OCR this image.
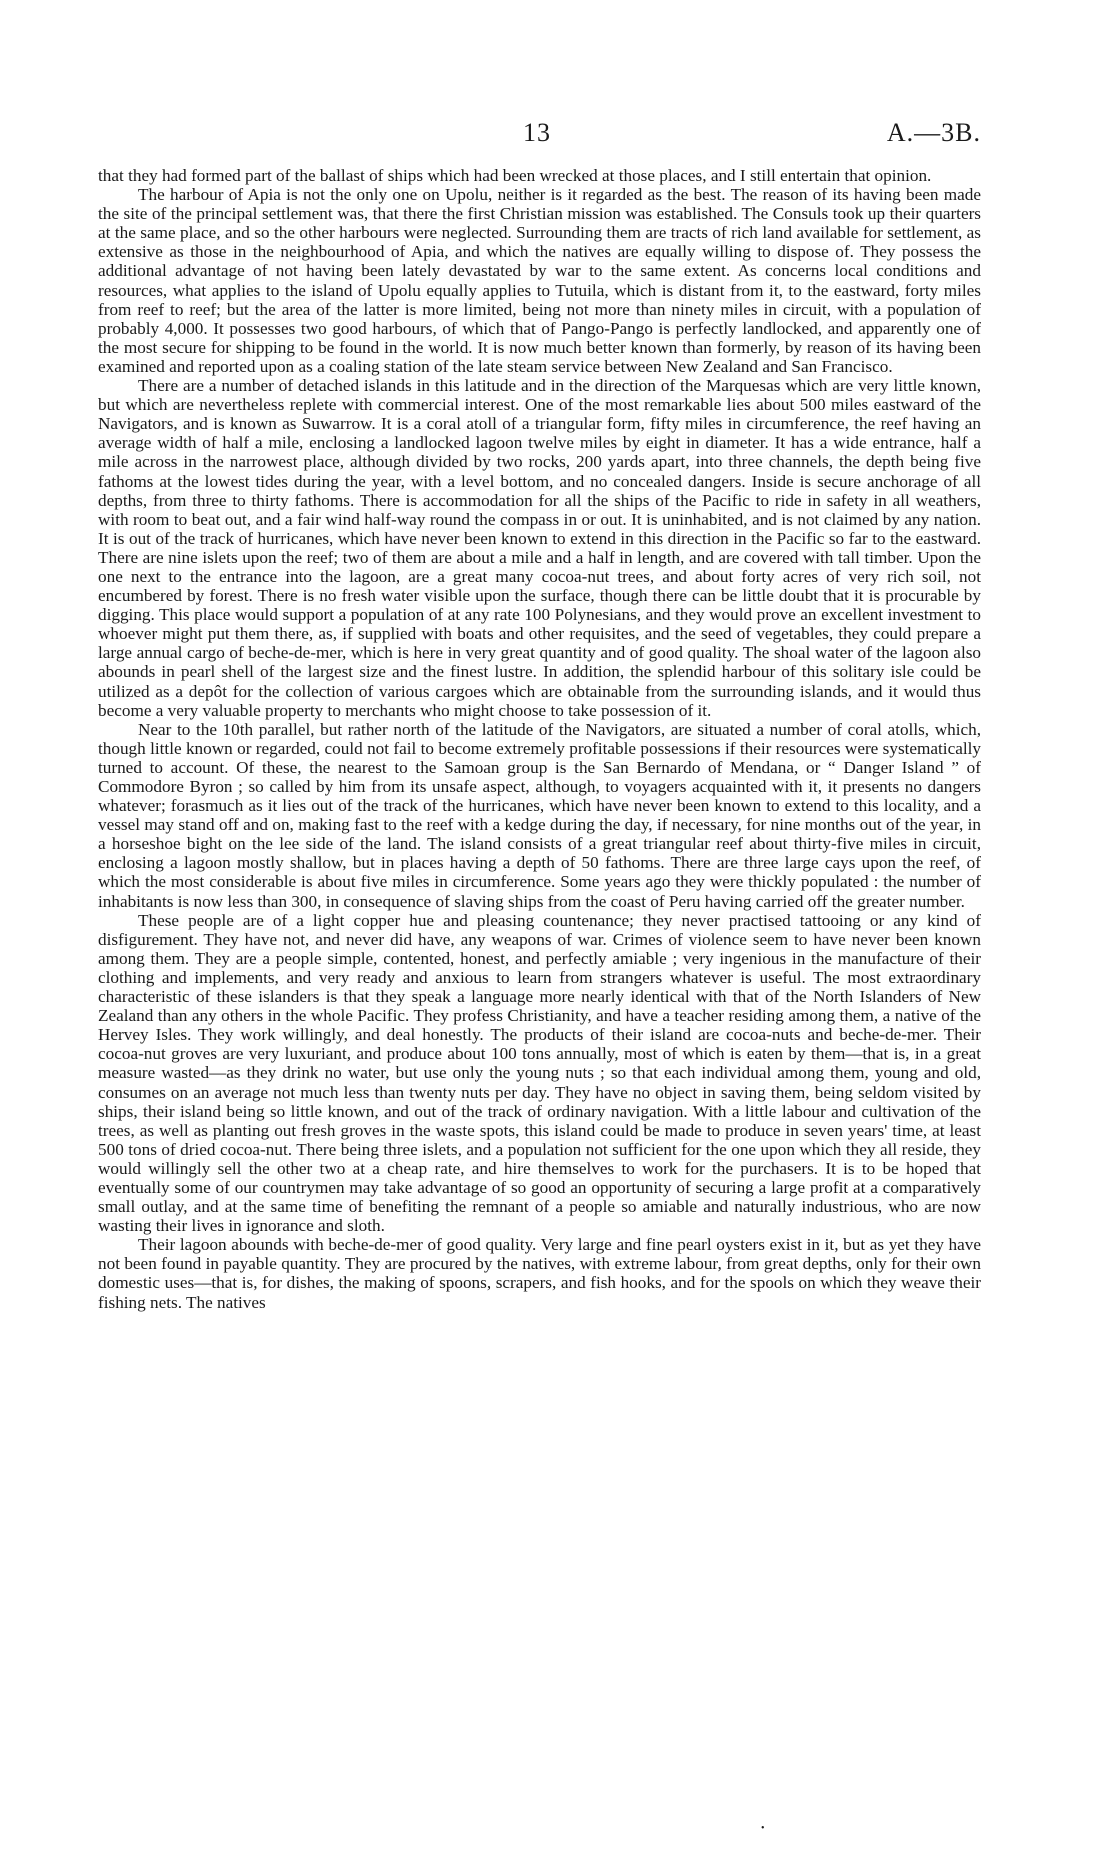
13	A.—3B.

that they had formed part of the ballast of ships which had been wrecked at those places, and I still entertain that opinion.

The harbour of Apia is not the only one on Upolu, neither is it regarded as the best. The reason of its having been made the site of the principal settlement was, that there the first Christian mission was established. The Consuls took up their quarters at the same place, and so the other harbours were neglected. Surrounding them are tracts of rich land available for settlement, as extensive as those in the neighbourhood of Apia, and which the natives are equally willing to dispose of. They possess the additional advantage of not having been lately devastated by war to the same extent. As concerns local conditions and resources, what applies to the island of Upolu equally applies to Tutuila, which is distant from it, to the eastward, forty miles from reef to reef; but the area of the latter is more limited, being not more than ninety miles in circuit, with a population of probably 4,000. It possesses two good harbours, of which that of Pango-Pango is perfectly landlocked, and apparently one of the most secure for shipping to be found in the world. It is now much better known than formerly, by reason of its having been examined and reported upon as a coaling station of the late steam service between New Zealand and San Francisco.

There are a number of detached islands in this latitude and in the direction of the Marquesas which are very little known, but which are nevertheless replete with commercial interest. One of the most remarkable lies about 500 miles eastward of the Navigators, and is known as Suwarrow. It is a coral atoll of a triangular form, fifty miles in circumference, the reef having an average width of half a mile, enclosing a landlocked lagoon twelve miles by eight in diameter. It has a wide entrance, half a mile across in the narrowest place, although divided by two rocks, 200 yards apart, into three channels, the depth being five fathoms at the lowest tides during the year, with a level bottom, and no concealed dangers. Inside is secure anchorage of all depths, from three to thirty fathoms. There is accommodation for all the ships of the Pacific to ride in safety in all weathers, with room to beat out, and a fair wind half-way round the compass in or out. It is uninhabited, and is not claimed by any nation. It is out of the track of hurricanes, which have never been known to extend in this direction in the Pacific so far to the eastward. There are nine islets upon the reef; two of them are about a mile and a half in length, and are covered with tall timber. Upon the one next to the entrance into the lagoon, are a great many cocoa-nut trees, and about forty acres of very rich soil, not encumbered by forest. There is no fresh water visible upon the surface, though there can be little doubt that it is procurable by digging. This place would support a population of at any rate 100 Polynesians, and they would prove an excellent investment to whoever might put them there, as, if supplied with boats and other requisites, and the seed of vegetables, they could prepare a large annual cargo of beche-de-mer, which is here in very great quantity and of good quality. The shoal water of the lagoon also abounds in pearl shell of the largest size and the finest lustre. In addition, the splendid harbour of this solitary isle could be utilized as a depôt for the collection of various cargoes which are obtainable from the surrounding islands, and it would thus become a very valuable property to merchants who might choose to take possession of it.

Near to the 10th parallel, but rather north of the latitude of the Navigators, are situated a number of coral atolls, which, though little known or regarded, could not fail to become extremely profitable possessions if their resources were systematically turned to account. Of these, the nearest to the Samoan group is the San Bernardo of Mendana, or “ Danger Island ” of Commodore Byron ; so called by him from its unsafe aspect, although, to voyagers acquainted with it, it presents no dangers whatever; forasmuch as it lies out of the track of the hurricanes, which have never been known to extend to this locality, and a vessel may stand off and on, making fast to the reef with a kedge during the day, if necessary, for nine months out of the year, in a horseshoe bight on the lee side of the land. The island consists of a great triangular reef about thirty-five miles in circuit, enclosing a lagoon mostly shallow, but in places having a depth of 50 fathoms. There are three large cays upon the reef, of which the most considerable is about five miles in circumference. Some years ago they were thickly populated : the number of inhabitants is now less than 300, in consequence of slaving ships from the coast of Peru having carried off the greater number.

These people are of a light copper hue and pleasing countenance; they never practised tattooing or any kind of disfigurement. They have not, and never did have, any weapons of war. Crimes of violence seem to have never been known among them. They are a people simple, contented, honest, and perfectly amiable ; very ingenious in the manufacture of their clothing and implements, and very ready and anxious to learn from strangers whatever is useful. The most extraordinary characteristic of these islanders is that they speak a language more nearly identical with that of the North Islanders of New Zealand than any others in the whole Pacific. They profess Christianity, and have a teacher residing among them, a native of the Hervey Isles. They work willingly, and deal honestly. The products of their island are cocoa-nuts and beche-de-mer. Their cocoa-nut groves are very luxuriant, and produce about 100 tons annually, most of which is eaten by them—that is, in a great measure wasted—as they drink no water, but use only the young nuts ; so that each individual among them, young and old, consumes on an average not much less than twenty nuts per day. They have no object in saving them, being seldom visited by ships, their island being so little known, and out of the track of ordinary navigation. With a little labour and cultivation of the trees, as well as planting out fresh groves in the waste spots, this island could be made to produce in seven years' time, at least 500 tons of dried cocoa-nut. There being three islets, and a population not sufficient for the one upon which they all reside, they would willingly sell the other two at a cheap rate, and hire themselves to work for the purchasers. It is to be hoped that eventually some of our countrymen may take advantage of so good an opportunity of securing a large profit at a comparatively small outlay, and at the same time of benefiting the remnant of a people so amiable and naturally industrious, who are now wasting their lives in ignorance and sloth.

Their lagoon abounds with beche-de-mer of good quality. Very large and fine pearl oysters exist in it, but as yet they have not been found in payable quantity. They are procured by the natives, with extreme labour, from great depths, only for their own domestic uses—that is, for dishes, the making of spoons, scrapers, and fish hooks, and for the spools on which they weave their fishing nets. The natives

•
